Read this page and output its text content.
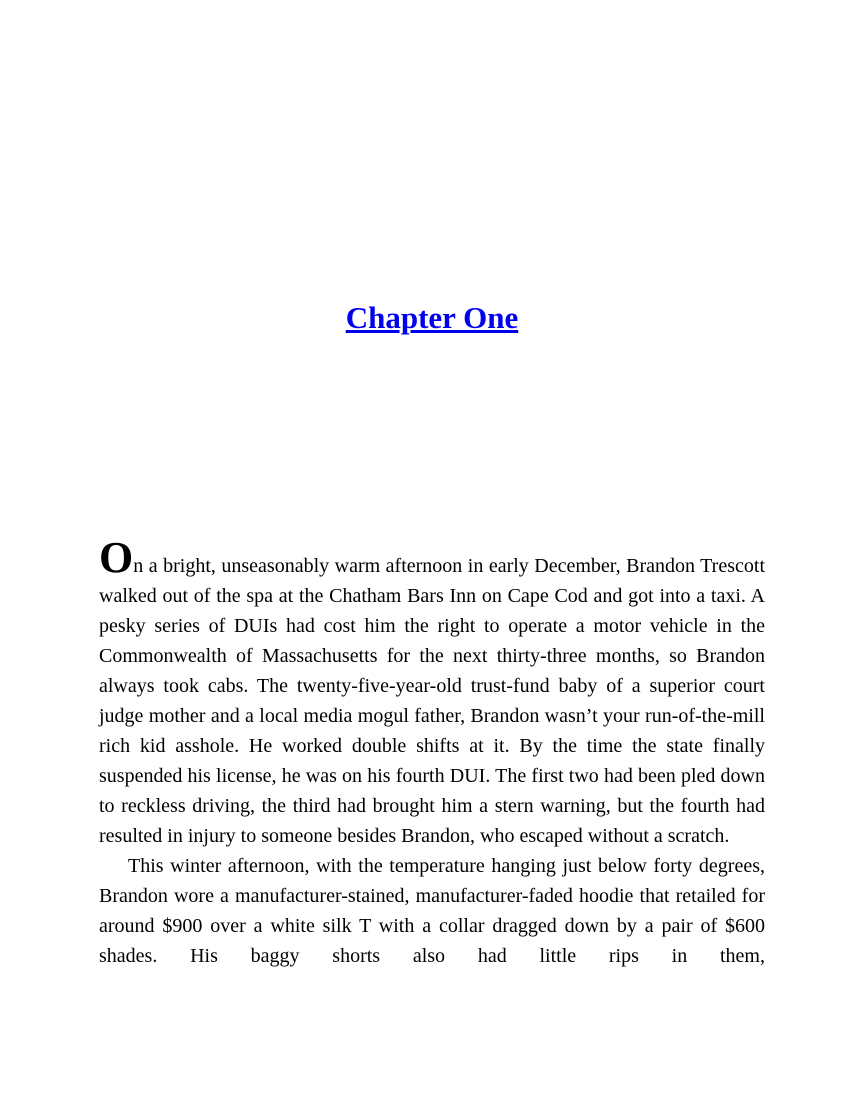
Chapter One

On a bright, unseasonably warm afternoon in early December, Brandon Trescott walked out of the spa at the Chatham Bars Inn on Cape Cod and got into a taxi. A pesky series of DUIs had cost him the right to operate a motor vehicle in the Commonwealth of Massachusetts for the next thirty-three months, so Brandon always took cabs. The twenty-five-year-old trust-fund baby of a superior court judge mother and a local media mogul father, Brandon wasn’t your run-of-the-mill rich kid asshole. He worked double shifts at it. By the time the state finally suspended his license, he was on his fourth DUI. The first two had been pled down to reckless driving, the third had brought him a stern warning, but the fourth had resulted in injury to someone besides Brandon, who escaped without a scratch.

This winter afternoon, with the temperature hanging just below forty degrees, Brandon wore a manufacturer-stained, manufacturer-faded hoodie that retailed for around $900 over a white silk T with a collar dragged down by a pair of $600 shades. His baggy shorts also had little rips in them,
